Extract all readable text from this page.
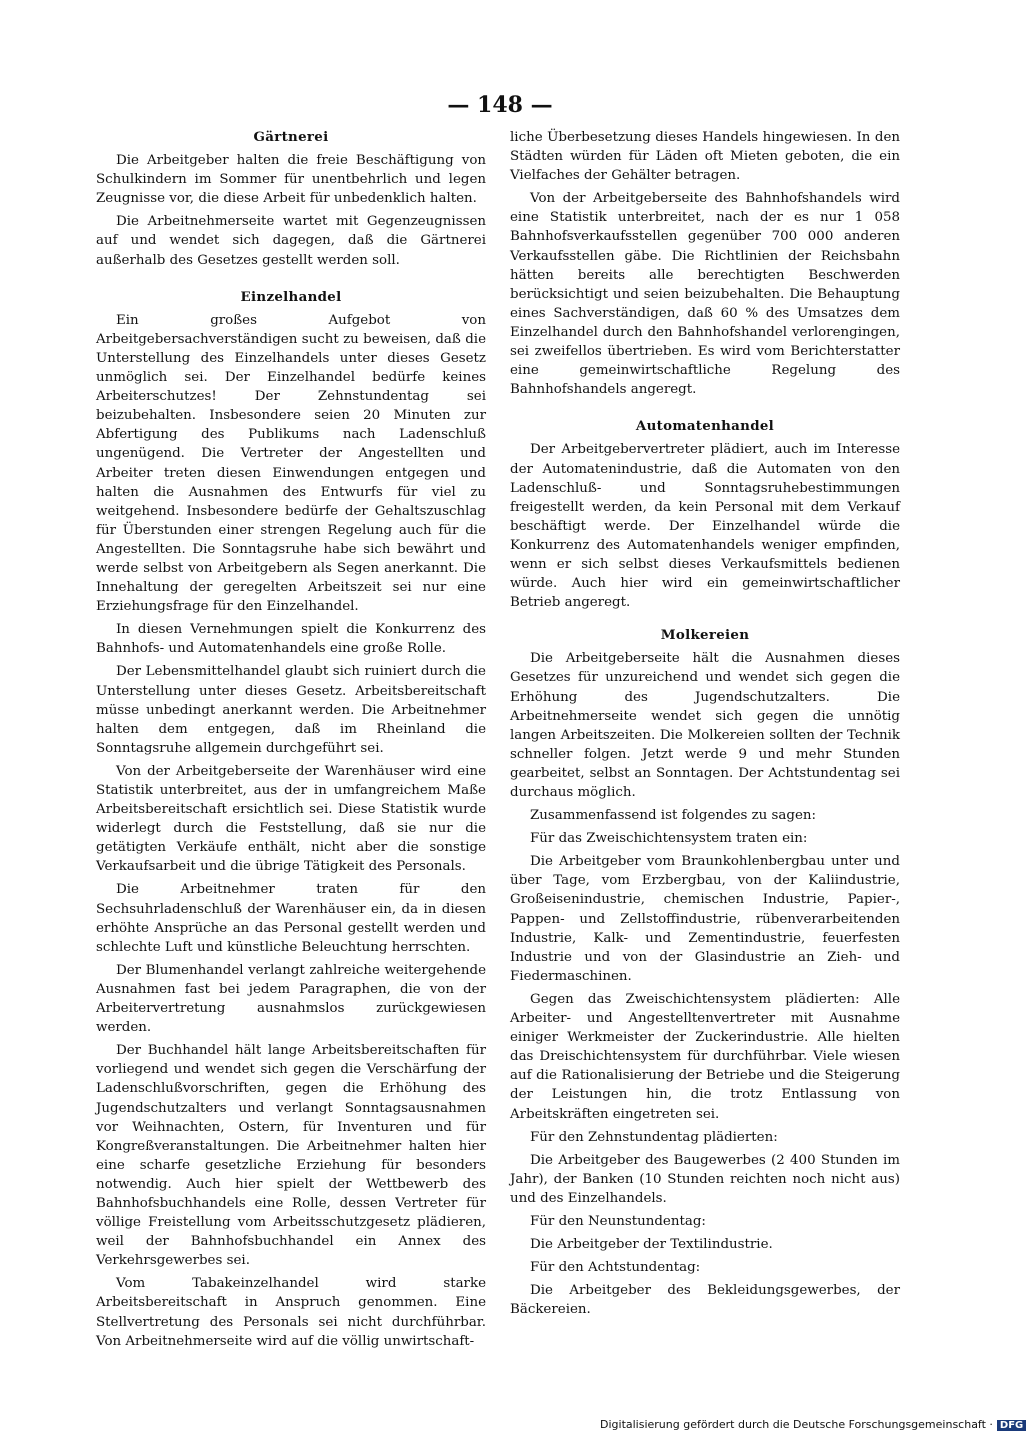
— 148 —
Gärtnerei

Die Arbeitgeber halten die freie Beschäftigung von Schulkindern im Sommer für unentbehrlich und legen Zeugnisse vor, die diese Arbeit für unbedenklich halten.

Die Arbeitnehmerseite wartet mit Gegenzeugnissen auf und wendet sich dagegen, daß die Gärtnerei außerhalb des Gesetzes gestellt werden soll.

Einzelhandel

Ein großes Aufgebot von Arbeitgebersachverständigen sucht zu beweisen, daß die Unterstellung des Einzelhandels unter dieses Gesetz unmöglich sei. Der Einzelhandel bedürfe keines Arbeiterschutzes! Der Zehnstundentag sei beizubehalten. Insbesondere seien 20 Minuten zur Abfertigung des Publikums nach Ladenschluß ungenügend. Die Vertreter der Angestellten und Arbeiter treten diesen Einwendungen entgegen und halten die Ausnahmen des Entwurfs für viel zu weitgehend. Insbesondere bedürfe der Gehaltszuschlag für Überstunden einer strengen Regelung auch für die Angestellten. Die Sonntagsruhe habe sich bewährt und werde selbst von Arbeitgebern als Segen anerkannt. Die Innehaltung der geregelten Arbeitszeit sei nur eine Erziehungsfrage für den Einzelhandel.

In diesen Vernehmungen spielt die Konkurrenz des Bahnhofs- und Automatenhandels eine große Rolle.

Der Lebensmittelhandel glaubt sich ruiniert durch die Unterstellung unter dieses Gesetz. Arbeitsbereitschaft müsse unbedingt anerkannt werden. Die Arbeitnehmer halten dem entgegen, daß im Rheinland die Sonntagsruhe allgemein durchgeführt sei.

Von der Arbeitgeberseite der Warenhäuser wird eine Statistik unterbreitet, aus der in umfangreichem Maße Arbeitsbereitschaft ersichtlich sei. Diese Statistik wurde widerlegt durch die Feststellung, daß sie nur die getätigten Verkäufe enthält, nicht aber die sonstige Verkaufsarbeit und die übrige Tätigkeit des Personals.

Die Arbeitnehmer traten für den Sechsuhrladenschluß der Warenhäuser ein, da in diesen erhöhte Ansprüche an das Personal gestellt werden und schlechte Luft und künstliche Beleuchtung herrschten.

Der Blumenhandel verlangt zahlreiche weitergehende Ausnahmen fast bei jedem Paragraphen, die von der Arbeitervertretung ausnahmslos zurückgewiesen werden.

Der Buchhandel hält lange Arbeitsbereitschaften für vorliegend und wendet sich gegen die Verschärfung der Ladenschlußvorschriften, gegen die Erhöhung des Jugendschutzalters und verlangt Sonntagsausnahmen vor Weihnachten, Ostern, für Inventuren und für Kongreßveranstaltungen. Die Arbeitnehmer halten hier eine scharfe gesetzliche Erziehung für besonders notwendig. Auch hier spielt der Wettbewerb des Bahnhofsbuchhandels eine Rolle, dessen Vertreter für völlige Freistellung vom Arbeitsschutzgesetz plädieren, weil der Bahnhofsbuchhandel ein Annex des Verkehrsgewerbes sei.

Vom Tabakeinzelhandel wird starke Arbeitsbereitschaft in Anspruch genommen. Eine Stellvertretung des Personals sei nicht durchführbar. Von Arbeitnehmerseite wird auf die völlig unwirtschaft-

liche Überbesetzung dieses Handels hingewiesen. In den Städten würden für Läden oft Mieten geboten, die ein Vielfaches der Gehälter betragen.

Von der Arbeitgeberseite des Bahnhofshandels wird eine Statistik unterbreitet, nach der es nur 1 058 Bahnhofsverkaufsstellen gegenüber 700 000 anderen Verkaufsstellen gäbe. Die Richtlinien der Reichsbahn hätten bereits alle berechtigten Beschwerden berücksichtigt und seien beizubehalten. Die Behauptung eines Sachverständigen, daß 60 % des Umsatzes dem Einzelhandel durch den Bahnhofshandel verlorengingen, sei zweifellos übertrieben. Es wird vom Berichterstatter eine gemeinwirtschaftliche Regelung des Bahnhofshandels angeregt.

Automatenhandel

Der Arbeitgebervertreter plädiert, auch im Interesse der Automatenindustrie, daß die Automaten von den Ladenschluß- und Sonntagsruhebestimmungen freigestellt werden, da kein Personal mit dem Verkauf beschäftigt werde. Der Einzelhandel würde die Konkurrenz des Automatenhandels weniger empfinden, wenn er sich selbst dieses Verkaufsmittels bedienen würde. Auch hier wird ein gemeinwirtschaftlicher Betrieb angeregt.

Molkereien

Die Arbeitgeberseite hält die Ausnahmen dieses Gesetzes für unzureichend und wendet sich gegen die Erhöhung des Jugendschutzalters. Die Arbeitnehmerseite wendet sich gegen die unnötig langen Arbeitszeiten. Die Molkereien sollten der Technik schneller folgen. Jetzt werde 9 und mehr Stunden gearbeitet, selbst an Sonntagen. Der Achtstundentag sei durchaus möglich.

Zusammenfassend ist folgendes zu sagen:

Für das Zweischichtensystem traten ein:

Die Arbeitgeber vom Braunkohlenbergbau unter und über Tage, vom Erzbergbau, von der Kaliindustrie, Großeisenindustrie, chemischen Industrie, Papier-, Pappen- und Zellstoffindustrie, rübenverarbeitenden Industrie, Kalk- und Zementindustrie, feuerfesten Industrie und von der Glasindustrie an Zieh- und Fiedermaschinen.

Gegen das Zweischichtensystem plädierten: Alle Arbeiter- und Angestelltenvertreter mit Ausnahme einiger Werkmeister der Zuckerindustrie. Alle hielten das Dreischichtensystem für durchführbar. Viele wiesen auf die Rationalisierung der Betriebe und die Steigerung der Leistungen hin, die trotz Entlassung von Arbeitskräften eingetreten sei.

Für den Zehnstundentag plädierten:

Die Arbeitgeber des Baugewerbes (2 400 Stunden im Jahr), der Banken (10 Stunden reichten noch nicht aus) und des Einzelhandels.

Für den Neunstundentag:

Die Arbeitgeber der Textilindustrie.

Für den Achtstundentag:

Die Arbeitgeber des Bekleidungsgewerbes, der Bäckereien.

Digitalisierung gefördert durch die Deutsche Forschungsgemeinschaft · DFG
